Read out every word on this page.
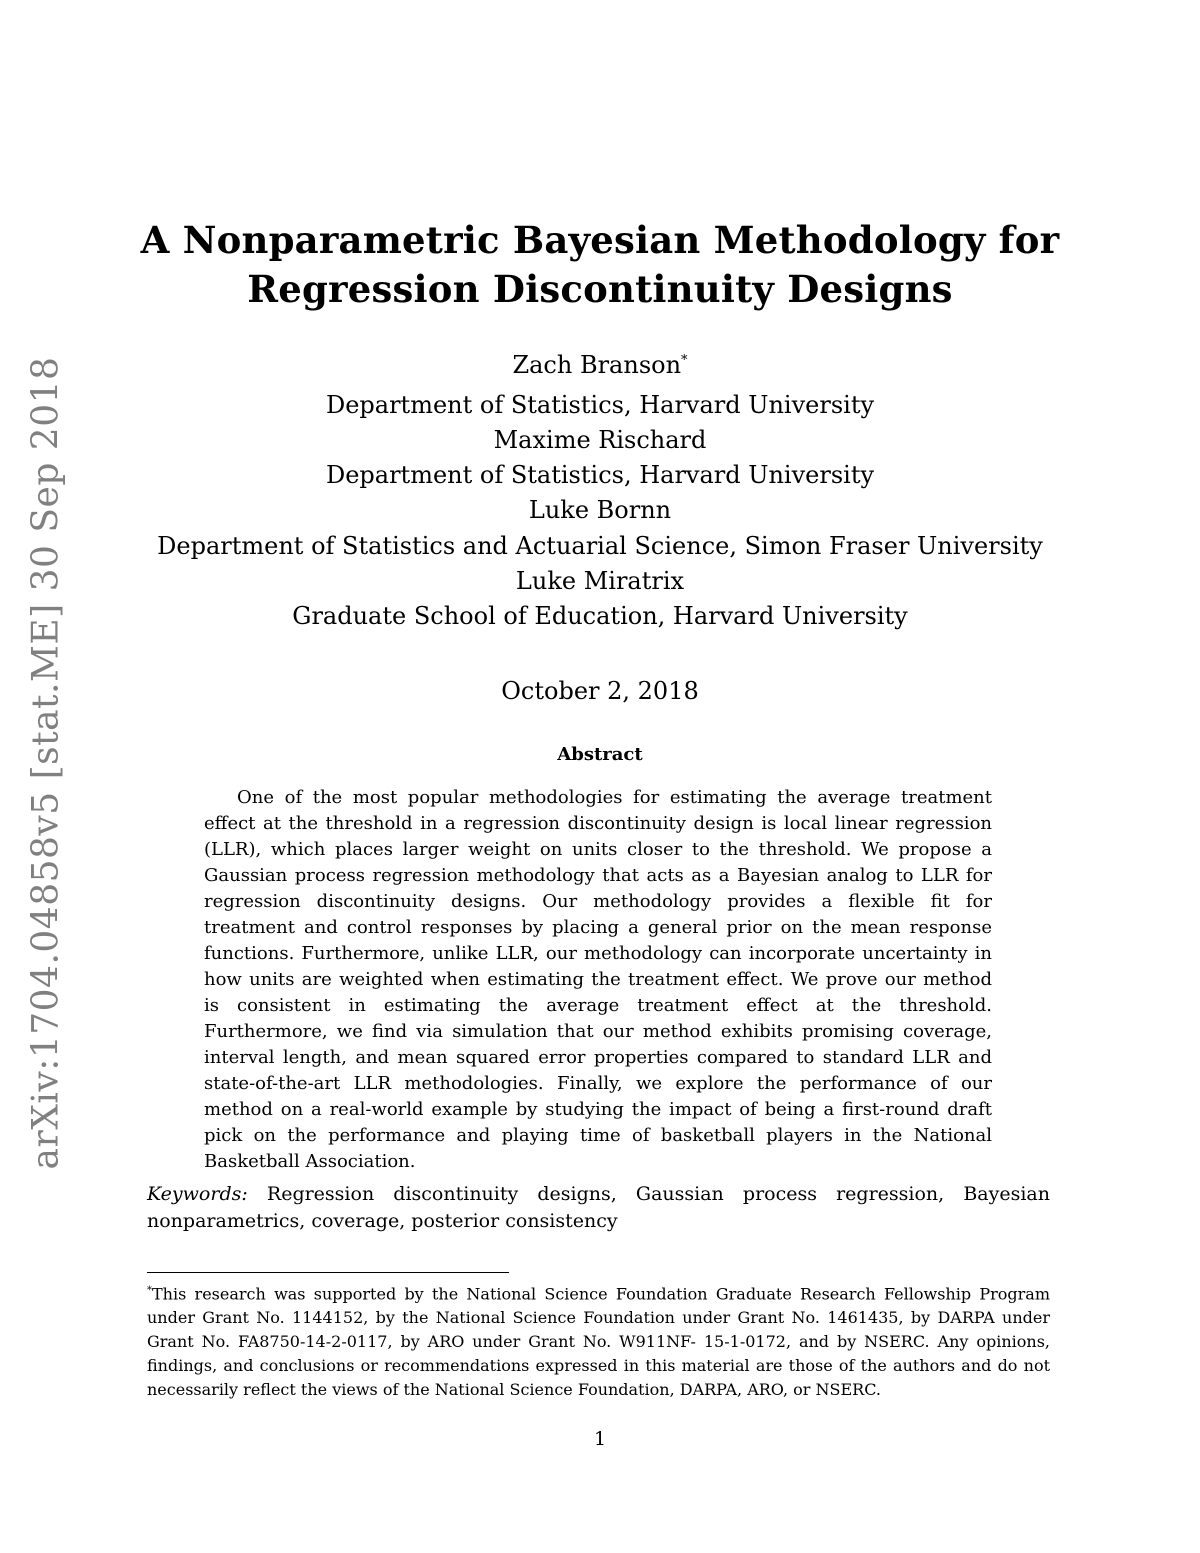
arXiv:1704.04858v5 [stat.ME] 30 Sep 2018
A Nonparametric Bayesian Methodology for
Regression Discontinuity Designs
Zach Branson*
Department of Statistics, Harvard University
Maxime Rischard
Department of Statistics, Harvard University
Luke Bornn
Department of Statistics and Actuarial Science, Simon Fraser University
Luke Miratrix
Graduate School of Education, Harvard University
October 2, 2018
Abstract
One of the most popular methodologies for estimating the average treatment effect at the threshold in a regression discontinuity design is local linear regression (LLR), which places larger weight on units closer to the threshold. We propose a Gaussian process regression methodology that acts as a Bayesian analog to LLR for regression discontinuity designs. Our methodology provides a flexible fit for treatment and control responses by placing a general prior on the mean response functions. Furthermore, unlike LLR, our methodology can incorporate uncertainty in how units are weighted when estimating the treatment effect. We prove our method is consistent in estimating the average treatment effect at the threshold. Furthermore, we find via simulation that our method exhibits promising coverage, interval length, and mean squared error properties compared to standard LLR and state-of-the-art LLR methodologies. Finally, we explore the performance of our method on a real-world example by studying the impact of being a first-round draft pick on the performance and playing time of basketball players in the National Basketball Association.
Keywords: Regression discontinuity designs, Gaussian process regression, Bayesian nonparametrics, coverage, posterior consistency
*This research was supported by the National Science Foundation Graduate Research Fellowship Program under Grant No. 1144152, by the National Science Foundation under Grant No. 1461435, by DARPA under Grant No. FA8750-14-2-0117, by ARO under Grant No. W911NF- 15-1-0172, and by NSERC. Any opinions, findings, and conclusions or recommendations expressed in this material are those of the authors and do not necessarily reflect the views of the National Science Foundation, DARPA, ARO, or NSERC.
1
